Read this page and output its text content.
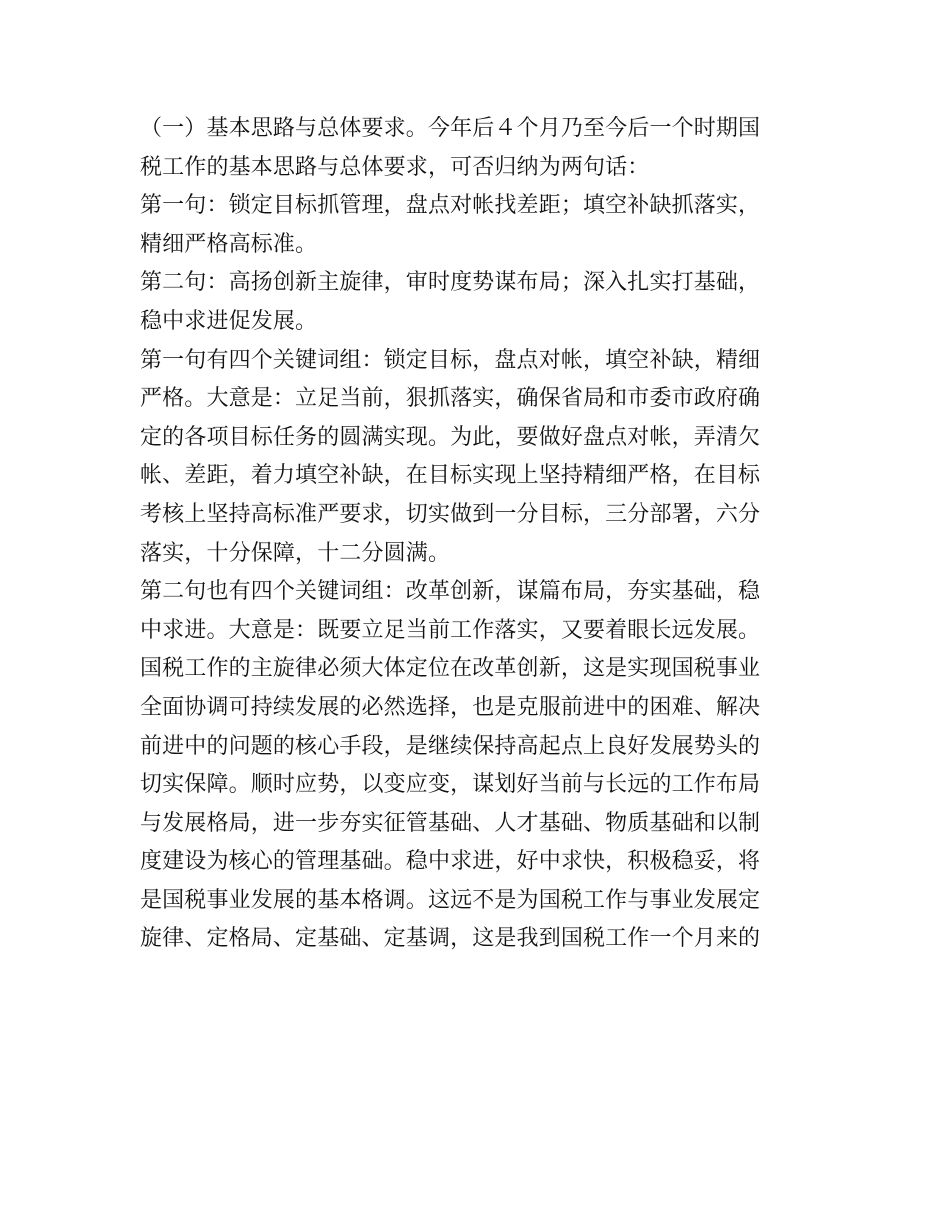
（一）基本思路与总体要求。今年后４个月乃至今后一个时期国
税工作的基本思路与总体要求，可否归纳为两句话：
第一句：锁定目标抓管理，盘点对帐找差距；填空补缺抓落实，
精细严格高标准。
第二句：高扬创新主旋律，审时度势谋布局；深入扎实打基础，
稳中求进促发展。
第一句有四个关键词组：锁定目标，盘点对帐，填空补缺，精细
严格。大意是：立足当前，狠抓落实，确保省局和市委市政府确
定的各项目标任务的圆满实现。为此，要做好盘点对帐，弄清欠
帐、差距，着力填空补缺，在目标实现上坚持精细严格，在目标
考核上坚持高标准严要求，切实做到一分目标，三分部署，六分
落实，十分保障，十二分圆满。
第二句也有四个关键词组：改革创新，谋篇布局，夯实基础，稳
中求进。大意是：既要立足当前工作落实，又要着眼长远发展。
国税工作的主旋律必须大体定位在改革创新，这是实现国税事业
全面协调可持续发展的必然选择，也是克服前进中的困难、解决
前进中的问题的核心手段，是继续保持高起点上良好发展势头的
切实保障。顺时应势，以变应变，谋划好当前与长远的工作布局
与发展格局，进一步夯实征管基础、人才基础、物质基础和以制
度建设为核心的管理基础。稳中求进，好中求快，积极稳妥，将
是国税事业发展的基本格调。这远不是为国税工作与事业发展定
旋律、定格局、定基础、定基调，这是我到国税工作一个月来的
